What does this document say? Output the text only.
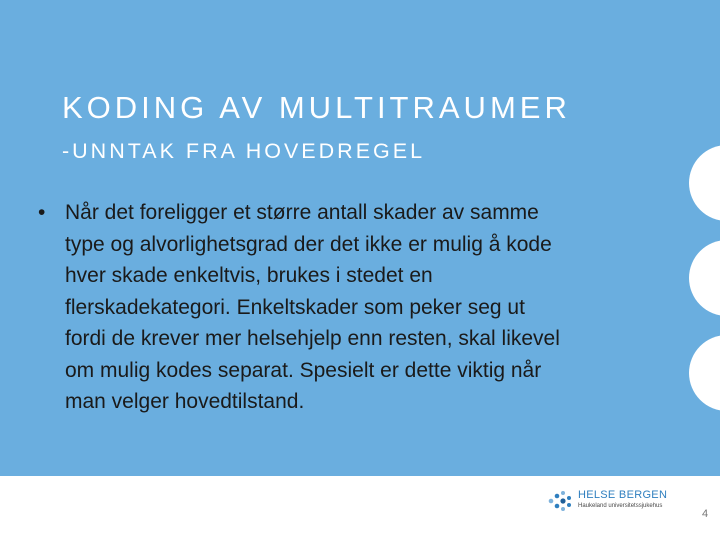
KODING AV MULTITRAUMER
-UNNTAK FRA HOVEDREGEL
• Når det foreligger et større antall skader av samme
type og alvorlighetsgrad der det ikke er mulig å kode
hver skade enkeltvis, brukes i stedet en
flerskadekategori. Enkeltskader som peker seg ut
fordi de krever mer helsehjelp enn resten, skal likevel
om mulig kodes separat. Spesielt er dette viktig når
man velger hovedtilstand.
HELSE BERGEN
Haukeland universitetssjukehus
4
